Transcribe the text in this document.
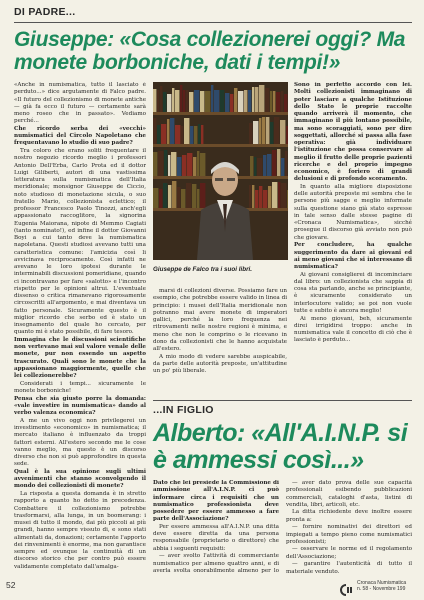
DI PADRE...
Giuseppe: «Cosa collezionerei oggi? Ma monete borboniche, dati i tempi!»

«Anche in numismatica, tutto il lasciato è perduto...» dice argutamente di Falco padre. «Il futuro del collezionismo di monete antiche — già fa ecco il futuro — certamente sarà meno roseo che in passato». Vediamo perché...

Che ricordo serba dei «vecchi» numismatici del Circolo Napoletano che frequentavano lo studio di suo padre?

Tra coloro che erano soliti frequentare il nostro negozio ricordo meglio i professori Antonio Dell'Erba, Carlo Prota ed il dottor Luigi Giliberti, autori di una vastissima letteratura sulla numismatica dell'Italia meridionale; monsignor Giuseppe de Ciccio, noto studioso di monetazione sicula, o suo fratello Mario, collezionista eclettico; il professor Francesco Paolo Tinozzi, anch'egli appassionato raccoglitore, la signorina Eugenia Maiorana, nipote di Memmo Cagiati (tanto nominato!), ed infine il dottor Giovanni Boyi a cui tanto deve la numismatica napoletana. Questi studiosi avevano tutti una caratteristica comune: l'amicizia così li avvicinava reciprocamente. Così infatti ne avevano le loro ipotesi durante le interminabili discussioni pomeridiane, quando ci incontravano per fare «salotto» e l'incontro rispetto per le opinioni altrui. L'eventuale dissenso o critica rimanevano rigorosamente circoscritti all'argomento, e mai diventava un fatto personale. Sicuramente questo è il miglior ricordo che serbo ed è stato un insegnamento del quale ho cercato, per quanto mi è stato possibile, di fare tesoro.

Immagina che le discussioni scientifiche non vertevano mai sul valore venale delle monete, pur non essendo un aspetto trascurato. Quali sono le monete che la appassionano maggiormente, quelle che lei collezionerebbe?

Considerati i tempi... sicuramente le monete borboniche!

Pensa che sia giusto porre la domanda: «vale investire in numismatica» dando al verbo valenza economica?

A me un vivo oggi non privilegerei un investimento «economico» in numismatica; il mercato italiano è influenzato da troppi fattori esterni. All'estero secondo me le cose vanno meglio, ma questo è un discorso diverso che non si può approfondire in questa sede.

Qual è la sua opinione sugli ultimi avvenimenti che stanno sconvolgendo il mondo dei collezionisti di monete?

La risposta a questa domanda è in stretto rapporto a quanto ho detto in precedenza. Combattere il collezionismo potrebbe trasformarsi, alla lunga, in un boomerang: i musei di tutto il mondo, dai più piccoli ai più grandi, hanno sempre vissuto di, e sono stati alimentati da, donazioni; certamente l'apporto dei rinvenimenti è enorme, ma non garantisce sempre ed ovunque la continuità di un discorso storico che per contro può essere validamente completato dall'amalga-

marsi di collezioni diverse. Possiamo fare un esempio, che potrebbe essere valido in linea di principio: i musei dell'Italia meridionale non potranno mai avere monete di imperatori gallici, perché la loro frequenza nei ritrovamenti nelle nostre regioni è minima, e meno che non le comprino o le ricevano in dono da collezionisti che le hanno acquistate all'estero.

A mio modo di vedere sarebbe auspicabile, da parte delle autorità preposte, un'attitudine un po' più liberale.

Sono in perfetto accordo con lei. Molti collezionisti immaginano di poter lasciare a qualche Istituzione dello Stato le proprie raccolte quando arriverà il momento, che immaginano il più lontano possibile, ma sono scoraggiati, sono per dire soggettati, allorché si passa alla fase operativa: già individuare l'istituzione che possa conservare al meglio il frutto delle proprie pazienti ricerche e del proprio impegno economico, è foriero di grandi delusioni e di profondo scoramento.

In quanto alla migliore disposizione delle autorità preposte mi sembra che le persone più sagge e meglio informate sulla questione siano già stato espresse in tale senso dalle stesse pagine di «Cronaca Numismatica», sicché prosegue il discorso già avviato non può che giovare.

Per concludere, ha qualche suggerimento da dare ai giovani ed ai meno giovani che si interessano di numismatica?

Ai giovani consiglierei di incominciare dal libro: un collezionista che sappia di cosa sta parlando, anche se principiante, è sicuramente considerato un interlocutore valido; se poi non vuole tutte e subito è ancora meglio!

Ai meno giovani, beh, sicuramente direi irrigidirsi troppo: anche in numismatica vale il concetto di ciò che è lasciato è perduto...

Giuseppe de Falco tra i suoi libri.
...IN FIGLIO
Alberto: «All'A.I.N.P. si è ammessi così...»

Dato che lei presiede la Commissione di ammissione all'A.I.N.P. ci può informare circa i requisiti che un numismatico professionista deve possedere per essere ammesso a fare parte dell'Associazione?

Per essere ammessa all'A.I.N.P. una ditta deve essere diretta da una persona responsabile (proprietario o direttore) che abbia i seguenti requisiti:

— aver svolto l'attività di commerciante numismatico per almeno quattro anni, e di averla svolta onorabilmente almeno per lo

— aver dato prova delle sue capacità professionali esibendo pubblicazioni commerciali, cataloghi d'asta, listini di vendita, libri, articoli, etc.

La ditta richiedente deve inoltre essere pronta a:

— fornire nominativi dei direttori ed impiegati a tempo pieno come numismatici professionisti;

— osservare le norme ed il regolamento dell'Associazione;

— garantire l'autenticità di tutto il materiale venduto.

52	Cronaca Numismatica
n. 58 - Novembre 199
